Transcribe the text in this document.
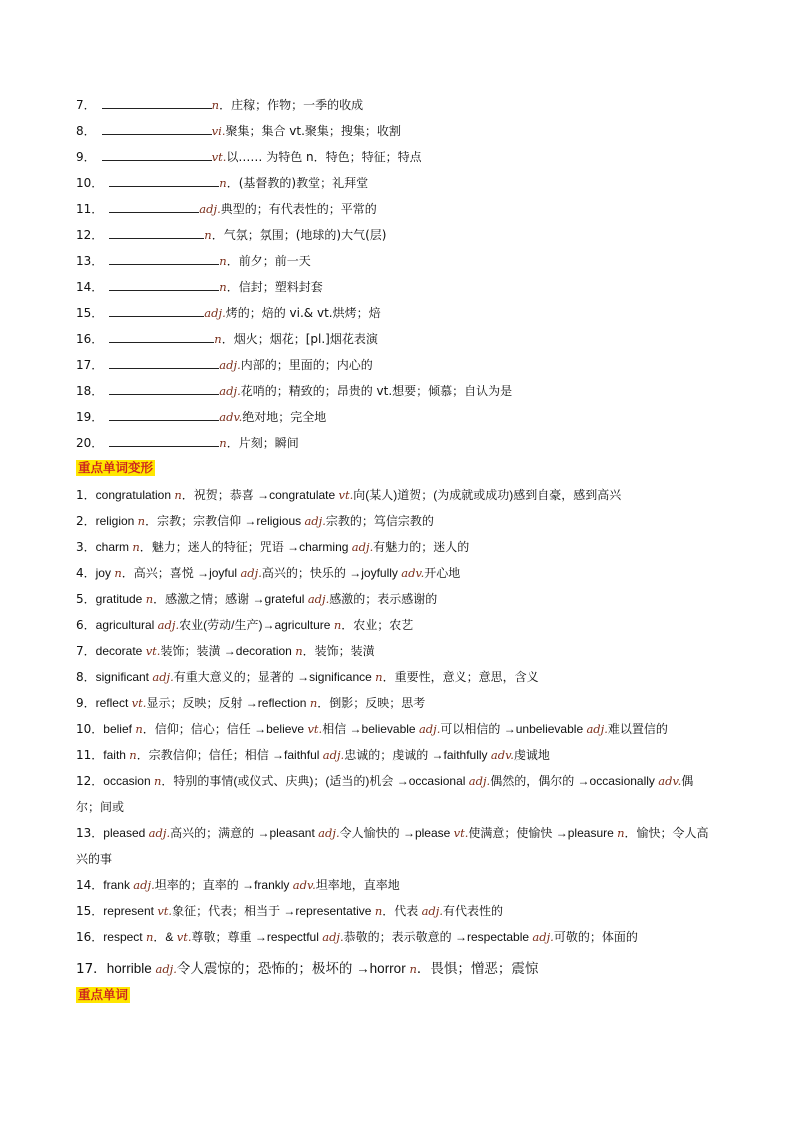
7．	n．庄稼；作物；一季的收成
8．	vi.聚集；集合 vt.聚集；搜集；收割
9．	vt.以…… 为特色 n．特色；特征；特点
10．	n．(基督教的)教堂；礼拜堂
11．	adj.典型的；有代表性的；平常的
12．	n．气氛；氛围；(地球的)大气(层)
13．	n．前夕；前一天
14．	n．信封；塑料封套
15．	adj.烤的；焙的 vi.& vt.烘烤；焙
16．	n．烟火；烟花；[pl.]烟花表演
17．	adj.内部的；里面的；内心的
18．	adj.花哨的；精致的；昂贵的 vt.想要；倾慕；自认为是
19．	adv.绝对地；完全地
20．	n．片刻；瞬间
重点单词变形
1．congratulation n．祝贺；恭喜 →congratulate vt.向(某人)道贺；(为成就或成功)感到自豪，感到高兴
2．religion n．宗教；宗教信仰 →religious adj.宗教的；笃信宗教的
3．charm n．魅力；迷人的特征；咒语 →charming adj.有魅力的；迷人的
4．joy n．高兴；喜悦 →joyful adj.高兴的；快乐的 →joyfully adv.开心地
5．gratitude n．感激之情；感谢 →grateful adj.感激的；表示感谢的
6．agricultural adj.农业(劳动/生产)→agriculture n．农业；农艺
7．decorate vt.装饰；装潢 →decoration n．装饰；装潢
8．significant adj.有重大意义的；显著的 →significance n．重要性，意义；意思，含义
9．reflect vt.显示；反映；反射 →reflection n．倒影；反映；思考
10．belief n．信仰；信心；信任 →believe vt.相信 →believable adj.可以相信的 →unbelievable adj.难以置信的
11．faith n．宗教信仰；信任；相信 →faithful adj.忠诚的；虔诚的 →faithfully adv.虔诚地
12．occasion n．特别的事情(或仪式、庆典)；(适当的)机会 →occasional adj.偶然的，偶尔的 →occasionally adv.偶
尔；间或
13．pleased adj.高兴的；满意的 →pleasant adj.令人愉快的 →please vt.使满意；使愉快 →pleasure n．愉快；令人高
兴的事
14．frank adj.坦率的；直率的 →frankly adv.坦率地，直率地
15．represent vt.象征；代表；相当于 →representative n．代表 adj.有代表性的
16．respect n．& vt.尊敬；尊重 →respectful adj.恭敬的；表示敬意的 →respectable adj.可敬的；体面的
17．horrible adj.令人震惊的；恐怖的；极坏的 →horror n．畏惧；憎恶；震惊
重点单词
